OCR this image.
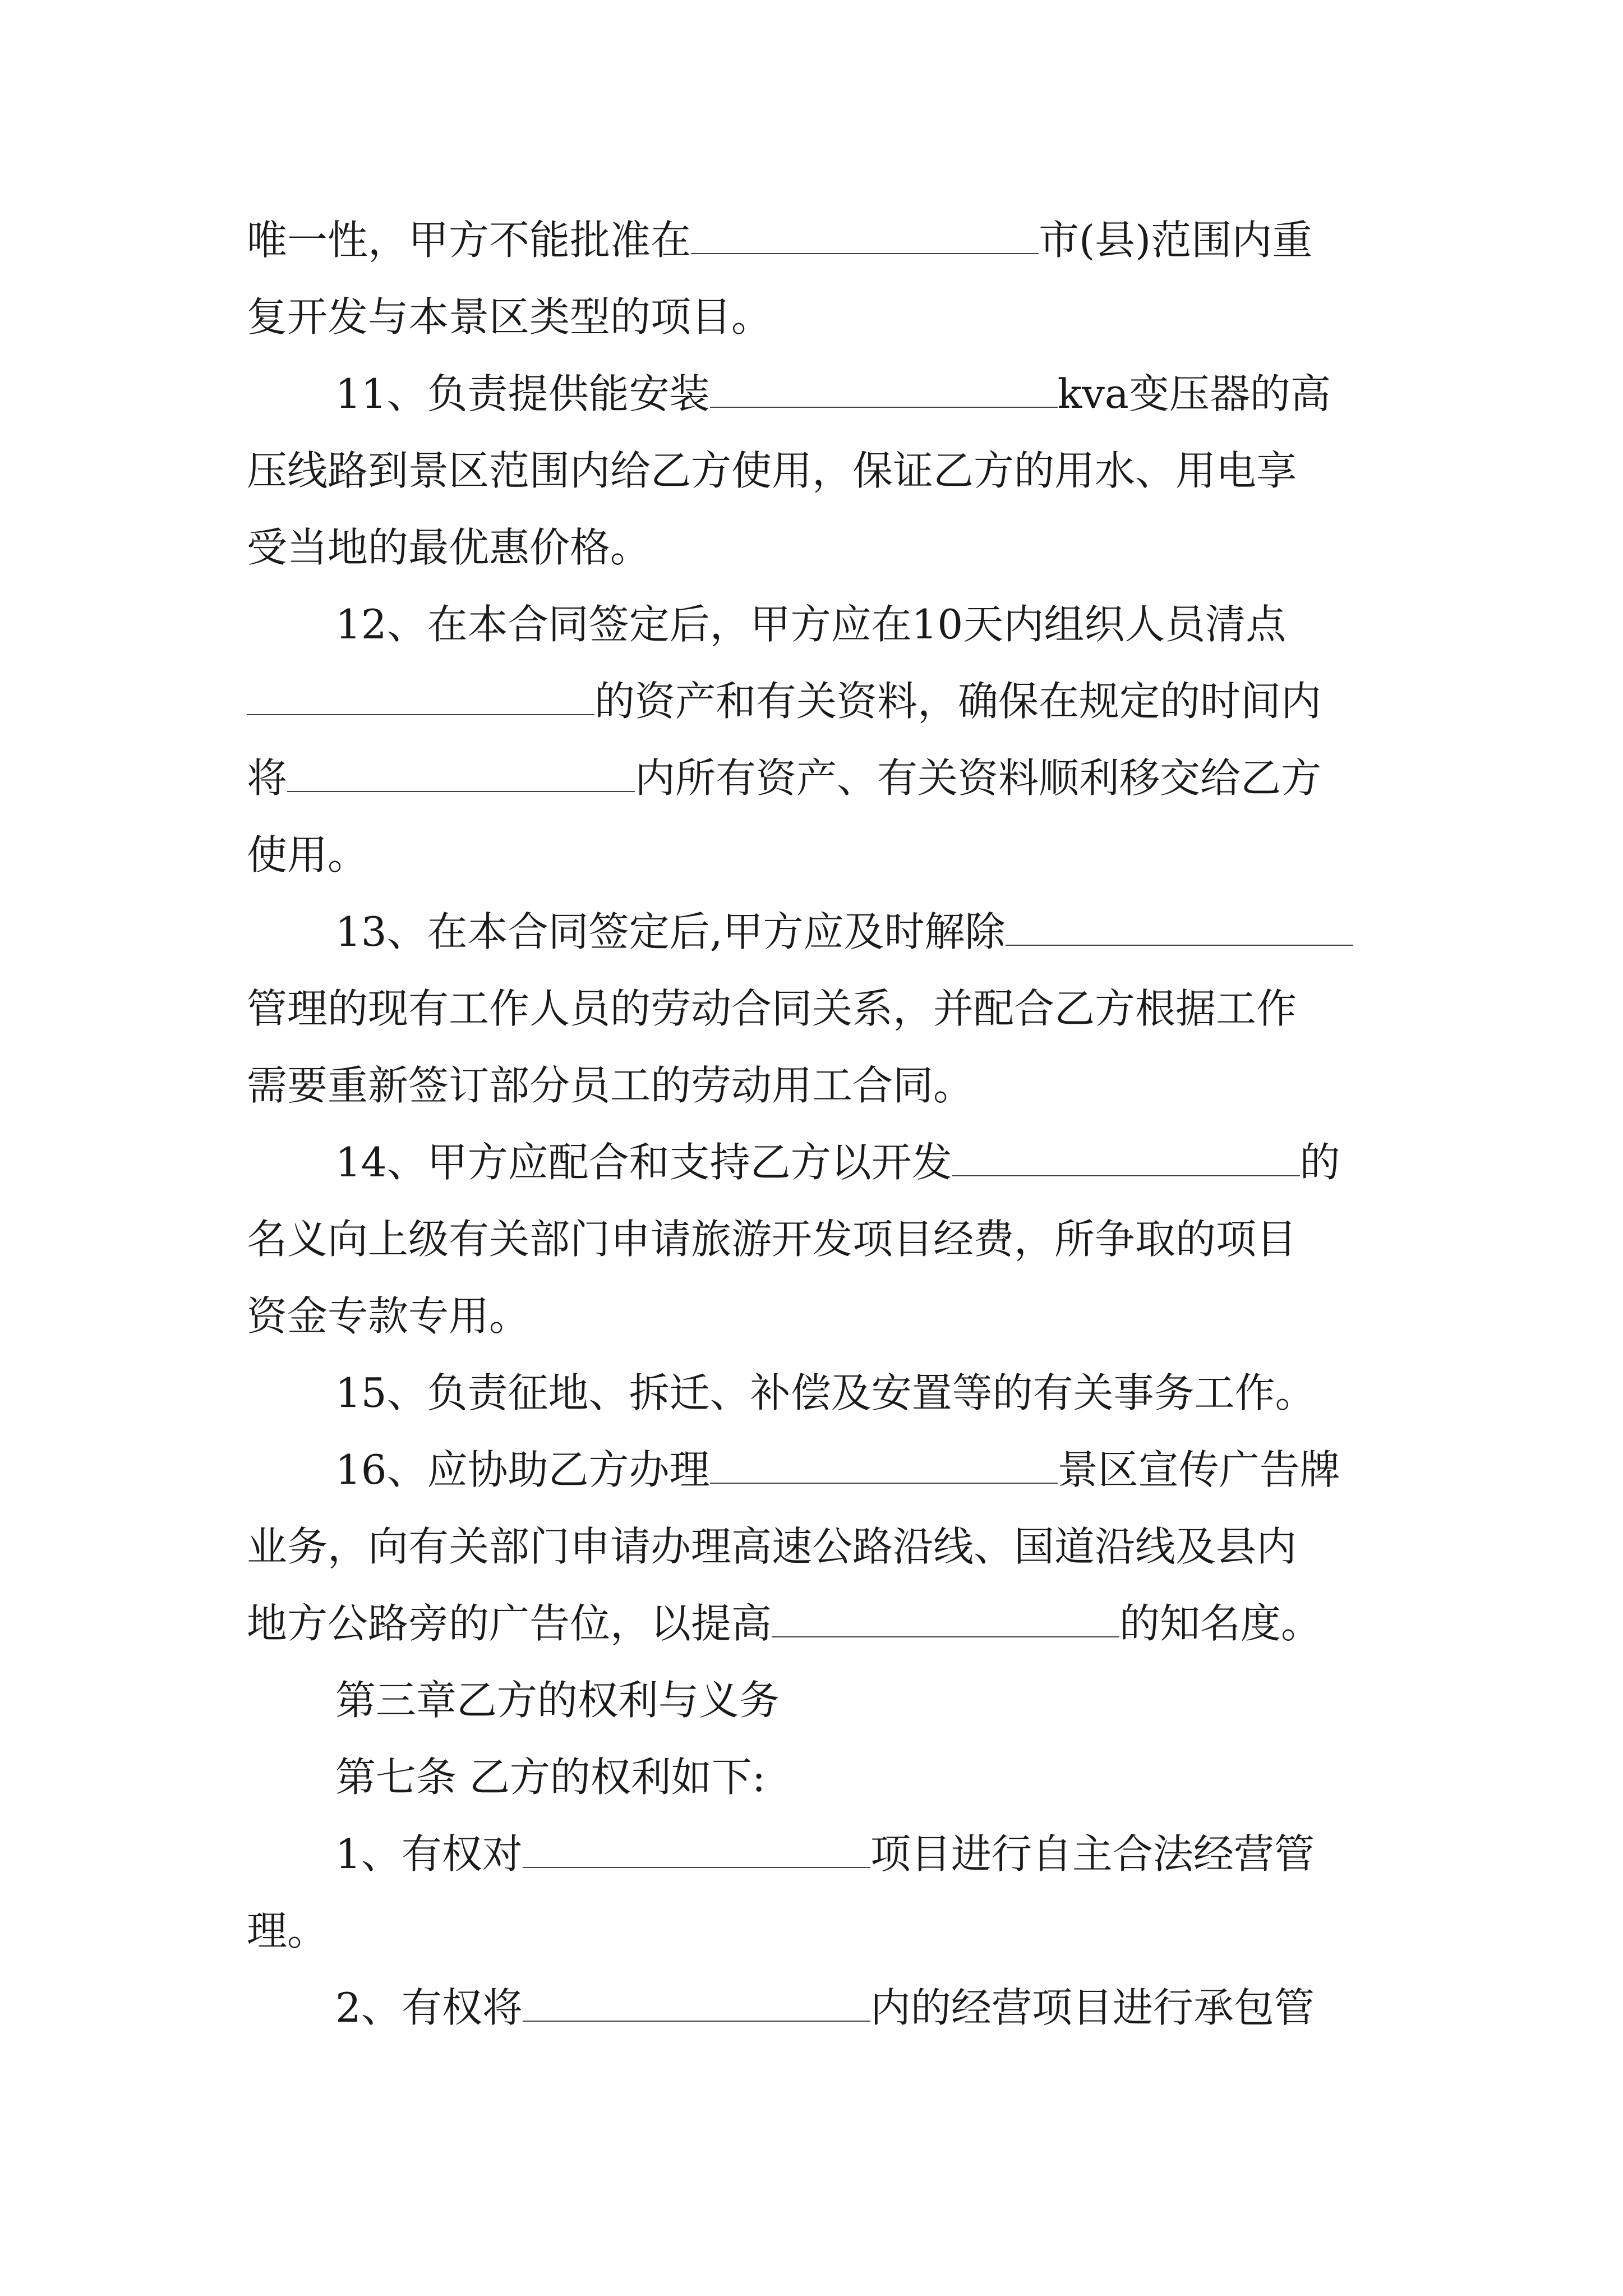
唯一性，甲方不能批准在	市(县)范围内重
复开发与本景区类型的项目。
11、负责提供能安装	kva变压器的高
压线路到景区范围内给乙方使用，保证乙方的用水、用电享
受当地的最优惠价格。
12、在本合同签定后，甲方应在10天内组织人员清点
的资产和有关资料，确保在规定的时间内
将	内所有资产、有关资料顺利移交给乙方
使用。
13、在本合同签定后,甲方应及时解除
管理的现有工作人员的劳动合同关系，并配合乙方根据工作
需要重新签订部分员工的劳动用工合同。
14、甲方应配合和支持乙方以开发	的
名义向上级有关部门申请旅游开发项目经费，所争取的项目
资金专款专用。
15、负责征地、拆迁、补偿及安置等的有关事务工作。
16、应协助乙方办理	景区宣传广告牌
业务，向有关部门申请办理高速公路沿线、国道沿线及县内
地方公路旁的广告位，以提高	的知名度。
第三章乙方的权利与义务
第七条 乙方的权利如下:
1、有权对	项目进行自主合法经营管
理。
2、有权将	内的经营项目进行承包管
